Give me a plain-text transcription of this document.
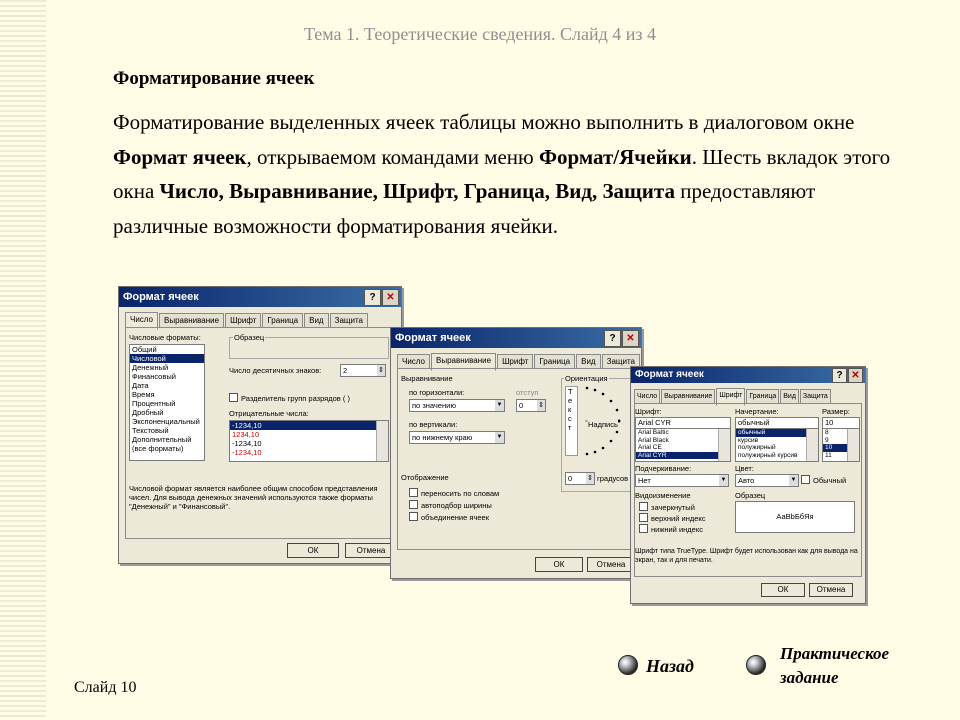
Тема 1. Теоретические сведения. Слайд 4 из 4
Форматирование ячеек
Форматирование выделенных ячеек таблицы можно выполнить в диалоговом окне Формат ячеек, открываемом командами меню Формат/Ячейки. Шесть вкладок этого окна Число, Выравнивание, Шрифт, Граница, Вид, Защита предоставляют различные возможности форматирования ячейки.
Формат ячеек	?	✕
Число	Выравнивание	Шрифт	Граница	Вид	Защита
Числовые форматы:
Общий
Числовой
Денежный
Финансовый
Дата
Время
Процентный
Дробный
Экспоненциальный
Текстовый
Дополнительный
(все форматы)
Образец
Число десятичных знаков:	2 ⇕
Разделитель групп разрядов ( )
Отрицательные числа:
-1234,10
1234,10
-1234,10
-1234,10
Числовой формат является наиболее общим способом представления чисел. Для вывода денежных значений используются также форматы "Денежный" и "Финансовый".
ОК	Отмена
Формат ячеек	?	✕
Число	Выравнивание	Шрифт	Граница	Вид	Защита
Выравнивание
по горизонтали:
по значению ▼
отступ
0 ⇕
по вертикали:
по нижнему краю ▼
Ориентация
Т
е
к
с
т	Надпись
0 ⇕	градусов
Отображение
переносить по словам
автоподбор ширины
объединение ячеек
ОК	Отмена
Формат ячеек	? ✕
Число	Выравнивание	Шрифт	Граница	Вид	Защита
Шрифт:
Arial CYR
Arial Baltic
Arial Black
Arial CE
Arial CYR
Начертание:
обычный
обычный
курсив
полужирный
полужирный курсив
Размер:
10
8
9
10
11
Подчеркивание:
Нет ▼
Цвет:
Авто ▼	Обычный
Видоизменение
зачеркнутый
верхний индекс
нижний индекс
Образец
АаВbБбЯя
Шрифт типа TrueType. Шрифт будет использован как для вывода на экран, так и для печати.
ОК	Отмена
Назад
Практическое задание
Слайд 10
